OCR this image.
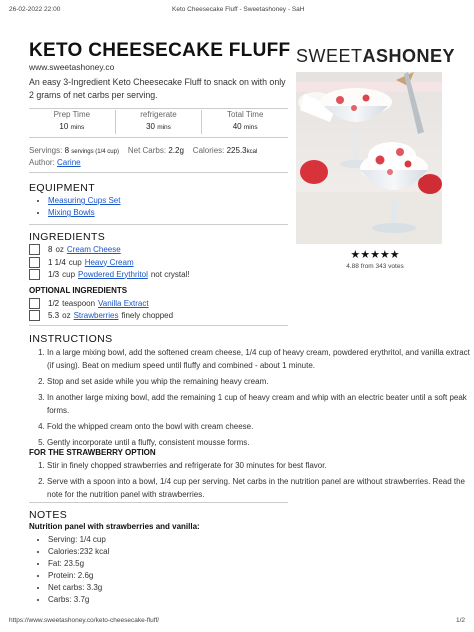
26-02-2022 22:00	Keto Cheesecake Fluff - Sweetashoney - SaH
KETO CHEESECAKE FLUFF
www.sweetashoney.co
An easy 3-Ingredient Keto Cheesecake Fluff to snack on with only 2 grams of net carbs per serving.
SWEETASHONEY
Prep Time
10 mins
refrigerate
30 mins
Total Time
40 mins
Servings: 8 servings (1/4 cup) Net Carbs: 2.2g Calories: 225.3kcal
Author: Carine
★★★★★
4.88 from 343 votes
EQUIPMENT
• Measuring Cups Set
• Mixing Bowls
INGREDIENTS
8 oz Cream Cheese
1 1/4 cup Heavy Cream
1/3 cup Powdered Erythritol not crystal!
OPTIONAL INGREDIENTS
1/2 teaspoon Vanilla Extract
5.3 oz Strawberries finely chopped
INSTRUCTIONS
1. In a large mixing bowl, add the softened cream cheese, 1/4 cup of heavy cream, powdered erythritol, and vanilla extract (if using). Beat on medium speed until fluffy and combined - about 1 minute.
2. Stop and set aside while you whip the remaining heavy cream.
3. In another large mixing bowl, add the remaining 1 cup of heavy cream and whip with an electric beater until a soft peak forms.
4. Fold the whipped cream onto the bowl with cream cheese.
5. Gently incorporate until a fluffy, consistent mousse forms.
FOR THE STRAWBERRY OPTION
1. Stir in finely chopped strawberries and refrigerate for 30 minutes for best flavor.
2. Serve with a spoon into a bowl, 1/4 cup per serving. Net carbs in the nutrition panel are without strawberries. Read the note for the nutrition panel with strawberries.
NOTES
Nutrition panel with strawberries and vanilla:
• Serving: 1/4 cup
• Calories:232 kcal
• Fat: 23.5g
• Protein: 2.6g
• Net carbs: 3.3g
• Carbs: 3.7g
https://www.sweetashoney.co/keto-cheesecake-fluff/	1/2
